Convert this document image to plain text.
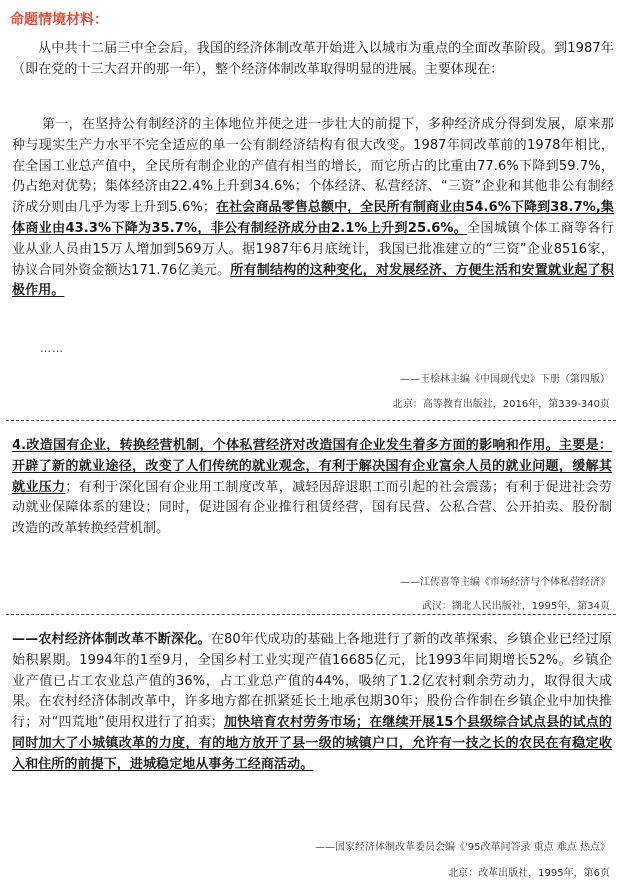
命题情境材料：

从中共十二届三中全会后，我国的经济体制改革开始进入以城市为重点的全面改革阶段。到1987年（即在党的十三大召开的那一年），整个经济体制改革取得明显的进展。主要体现在：

第一，在坚持公有制经济的主体地位并使之进一步壮大的前提下，多种经济成分得到发展，原来那种与现实生产力水平不完全适应的单一公有制经济结构有很大改变。1987年同改革前的1978年相比，在全国工业总产值中，全民所有制企业的产值有相当的增长，而它所占的比重由77.6%下降到59.7%，仍占绝对优势；集体经济由22.4%上升到34.6%；个体经济、私营经济、“三资”企业和其他非公有制经济成分则由几乎为零上升到5.6%；在社会商品零售总额中，全民所有制商业由54.6%下降到38.7%,集体商业由43.3%下降为35.7%，非公有制经济成分由2.1%上升到25.6%。全国城镇个体工商等各行业从业人员由15万人增加到569万人。据1987年6月底统计，我国已批准建立的“三资”企业8516家，协议合同外资金额达171.76亿美元。所有制结构的这种变化，对发展经济、方便生活和安置就业起了积极作用。

……
——王桧林主编《中国现代史》下册（第四版）
北京：高等教育出版社，2016年，第339-340页

4.改造国有企业，转换经营机制，个体私营经济对改造国有企业发生着多方面的影响和作用。主要是：开辟了新的就业途径，改变了人们传统的就业观念，有利于解决国有企业富余人员的就业问题，缓解其就业压力；有利于深化国有企业用工制度改革，减轻因辞退职工而引起的社会震荡；有利于促进社会劳动就业保障体系的建设；同时，促进国有企业推行租赁经营，国有民营、公私合营、公开拍卖、股份制改造的改革转换经营机制。

——江传喜等主编《市场经济与个体私营经济》
武汉：湖北人民出版社，1995年，第34页

——农村经济体制改革不断深化。在80年代成功的基础上各地进行了新的改革探索、乡镇企业已经过原始积累期。1994年的1至9月，全国乡村工业实现产值16685亿元，比1993年同期增长52%。乡镇企业产值已占工农业总产值的36%，占工业总产值的44%，吸纳了1.2亿农村剩余劳动力，取得很大成果。在农村经济体制改革中，许多地方都在抓紧延长土地承包期30年；股份合作制在乡镇企业中加快推行；对“四荒地”使用权进行了拍卖；加快培育农村劳务市场；在继续开展15个县级综合试点县的试点的同时加大了小城镇改革的力度，有的地方放开了县一级的城镇户口，允许有一技之长的农民在有稳定收入和住所的前提下，进城稳定地从事务工经商活动。

——国家经济体制改革委员会编《'95改革问答录 重点 难点 热点》
北京：改革出版社，1995年，第6页
